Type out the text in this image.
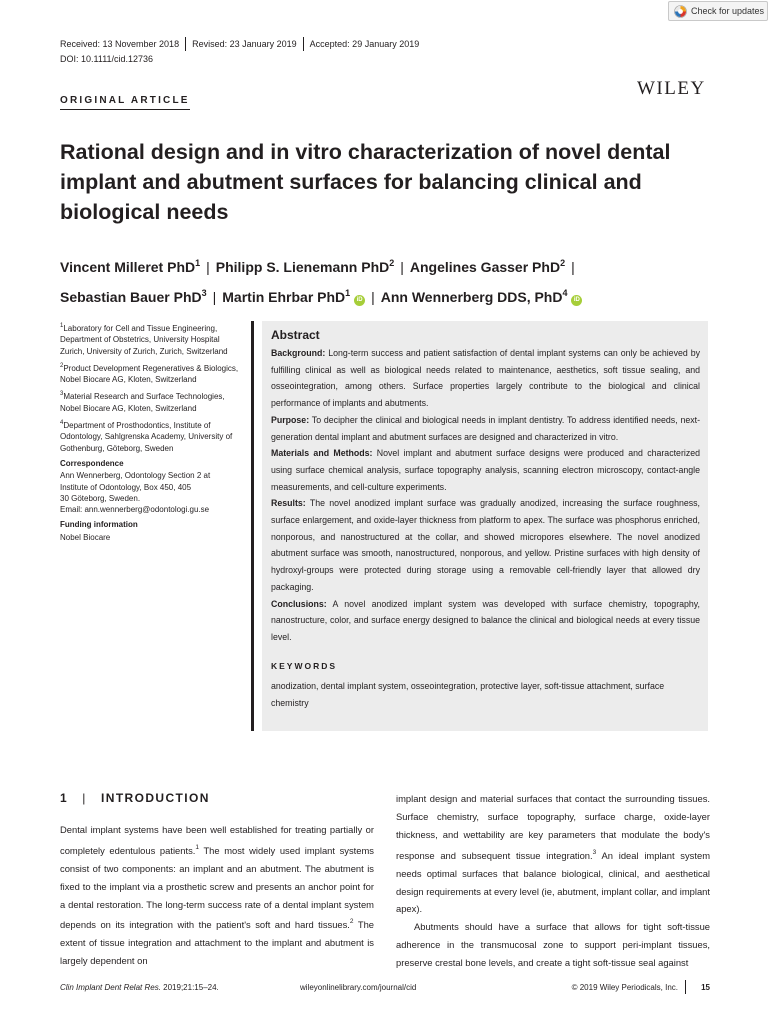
Check for updates
Received: 13 November 2018 Revised: 23 January 2019 Accepted: 29 January 2019
DOI: 10.1111/cid.12736
WILEY
ORIGINAL ARTICLE
Rational design and in vitro characterization of novel dental implant and abutment surfaces for balancing clinical and biological needs
Vincent Milleret PhD$^1$ | Philipp S. Lienemann PhD$^2$ | Angelines Gasser PhD$^2$ |
Sebastian Bauer PhD$^3$ | Martin Ehrbar PhD$^1$ iD | Ann Wennerberg DDS, PhD$^4$ iD

$^1$Laboratory for Cell and Tissue Engineering, Department of Obstetrics, University Hospital Zurich, University of Zurich, Zurich, Switzerland

$^2$Product Development Regeneratives & Biologics, Nobel Biocare AG, Kloten, Switzerland

$^3$Material Research and Surface Technologies, Nobel Biocare AG, Kloten, Switzerland

$^4$Department of Prosthodontics, Institute of Odontology, Sahlgrenska Academy, University of Gothenburg, Göteborg, Sweden

Correspondence
Ann Wennerberg, Odontology Section 2 at
Institute of Odontology, Box 450, 405
30 Göteborg, Sweden.
Email: ann.wennerberg@odontologi.gu.se
Funding information
Nobel Biocare
Abstract

Background: Long-term success and patient satisfaction of dental implant systems can only be achieved by fulfilling clinical as well as biological needs related to maintenance, aesthetics, soft tissue sealing, and osseointegration, among others. Surface properties largely contribute to the biological and clinical performance of implants and abutments.

Purpose: To decipher the clinical and biological needs in implant dentistry. To address identified needs, next-generation dental implant and abutment surfaces are designed and characterized in vitro.

Materials and Methods: Novel implant and abutment surface designs were produced and characterized using surface chemical analysis, surface topography analysis, scanning electron microscopy, contact-angle measurements, and cell-culture experiments.

Results: The novel anodized implant surface was gradually anodized, increasing the surface roughness, surface enlargement, and oxide-layer thickness from platform to apex. The surface was phosphorus enriched, nonporous, and nanostructured at the collar, and showed micropores elsewhere. The novel anodized abutment surface was smooth, nanostructured, nonporous, and yellow. Pristine surfaces with high density of hydroxyl-groups were protected during storage using a removable cell-friendly layer that allowed dry packaging.

Conclusions: A novel anodized implant system was developed with surface chemistry, topography, nanostructure, color, and surface energy designed to balance the clinical and biological needs at every tissue level.

KEYWORDS
anodization, dental implant system, osseointegration, protective layer, soft-tissue attachment, surface chemistry
1 | INTRODUCTION

Dental implant systems have been well established for treating partially or completely edentulous patients.$^1$ The most widely used implant systems consist of two components: an implant and an abutment. The abutment is fixed to the implant via a prosthetic screw and presents an anchor point for a dental restoration. The long-term success rate of a dental implant system depends on its integration with the patient's soft and hard tissues.$^2$ The extent of tissue integration and attachment to the implant and abutment is largely dependent on

implant design and material surfaces that contact the surrounding tissues. Surface chemistry, surface topography, surface charge, oxide-layer thickness, and wettability are key parameters that modulate the body's response and subsequent tissue integration.$^3$ An ideal implant system needs optimal surfaces that balance biological, clinical, and aesthetical design requirements at every level (ie, abutment, implant collar, and implant apex).

Abutments should have a surface that allows for tight soft-tissue adherence in the transmucosal zone to support peri-implant tissues, preserve crestal bone levels, and create a tight soft-tissue seal against

Clin Implant Dent Relat Res. 2019;21:15–24.	wileyonlinelibrary.com/journal/cid	© 2019 Wiley Periodicals, Inc.	15
